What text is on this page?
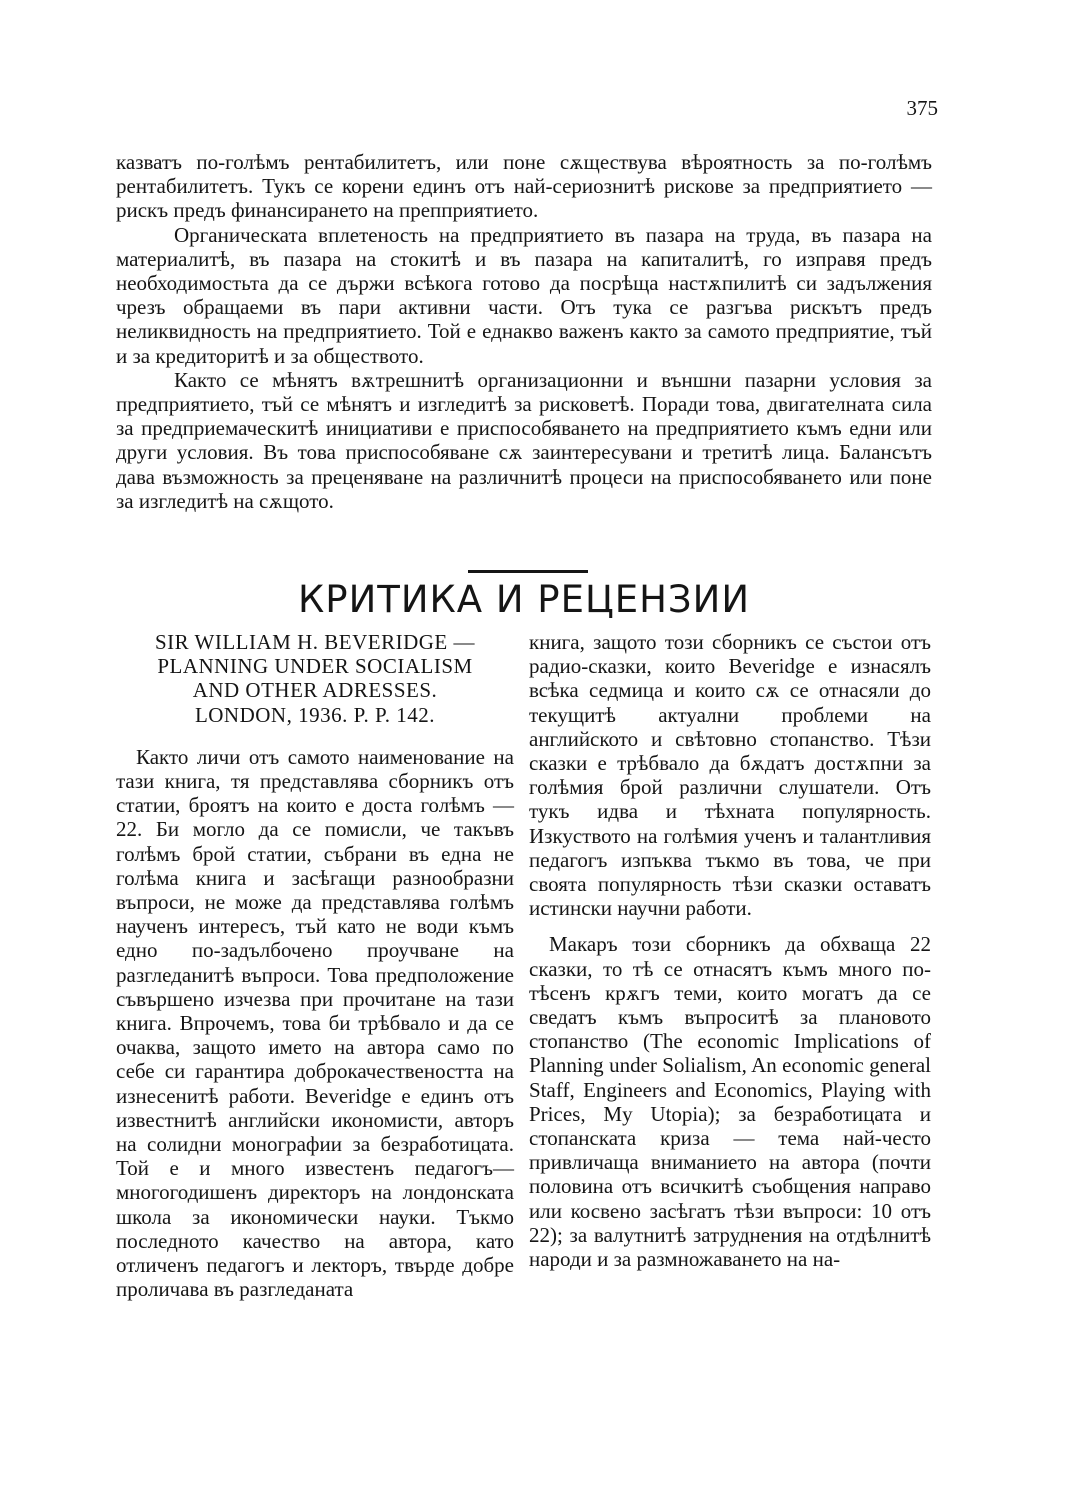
375

казватъ по-голѣмъ рентабилитетъ, или поне сѫществува вѣроятность за по-голѣмъ рентабилитетъ. Тукъ се корени единъ отъ най-сериознитѣ рискове за предприятието — рискъ предъ финансирането на препприятието.

Органическата вплетеность на предприятието въ пазара на труда, въ пазара на материалитѣ, въ пазара на стокитѣ и въ пазара на капиталитѣ, го изправя предъ необходимостьта да се държи всѣкога готово да посрѣща настѫпилитѣ си задължения чрезъ обращаеми въ пари активни части. Отъ тука се разгъва рискътъ предъ неликвидность на предприятието. Той е еднакво важенъ както за самото предприятие, тъй и за кредиторитѣ и за обществото.

Както се мѣнятъ вѫтрешнитѣ организационни и външни пазарни условия за предприятието, тъй се мѣнятъ и изгледитѣ за рисковетѣ. Поради това, двигателната сила за предприемаческитѣ инициативи е приспособяването на предприятието къмъ едни или други условия. Въ това приспособяване сѫ заинтересувани и третитѣ лица. Балансътъ дава възможность за преценяване на различнитѣ процеси на приспособяването или поне за изгледитѣ на сѫщото.

КРИТИКА И РЕЦЕНЗИИ
SIR WILLIAM H. BEVERIDGE —
PLANNING UNDER SOCIALISM
AND OTHER ADRESSES.
LONDON, 1936. P. P. 142.

Както личи отъ самото наименование на тази книга, тя представлява сборникъ отъ статии, броятъ на които е доста голѣмъ — 22. Би могло да се помисли, че такъвъ голѣмъ брой статии, събрани въ една не голѣма книга и засѣгащи разнообразни въпроси, не може да представлява голѣмъ наученъ интересъ, тъй като не води къмъ едно по-задълбочено проучване на разгледанитѣ въпроси. Това предположение съвършено изчезва при прочитане на тази книга. Впрочемъ, това би трѣбвало и да се очаква, защото името на автора само по себе си гарантира доброкачествеността на изнесенитѣ работи. Beveridge е единъ отъ известнитѣ английски икономисти, авторъ на солидни монографии за безработицата. Той е и много известенъ педагогъ—многогодишенъ директоръ на лондонската школа за икономически науки. Тъкмо последното качество на автора, като отличенъ педагогъ и лекторъ, твърде добре проличава въ разгледаната

книга, защото този сборникъ се състои отъ радио-сказки, които Beveridge е изнасялъ всѣка седмица и които сѫ се отнасяли до текущитѣ актуални проблеми на английското и свѣтовно стопанство. Тѣзи сказки е трѣбвало да бѫдатъ достѫпни за голѣмия брой различни слушатели. Отъ тукъ идва и тѣхната популярность. Изкуството на голѣмия ученъ и талантливия педагогъ изпъква тъкмо въ това, че при своята популярность тѣзи сказки оставатъ истински научни работи.

Макаръ този сборникъ да обхваща 22 сказки, то тѣ се отнасятъ къмъ много по-тѣсенъ крѫгъ теми, които могатъ да се сведатъ къмъ въпроситѣ за плановото стопанство (The economic Implications of Planning under Solialism, An economic general Staff, Engineers and Economics, Playing with Prices, My Utopia); за безработицата и стопанската криза — тема най-често привличаща вниманието на автора (почти половина отъ всичкитѣ съобщения направо или косвено засѣгатъ тѣзи въпроси: 10 отъ 22); за валутнитѣ затруднения на отдѣлнитѣ народи и за размножаването на на-
